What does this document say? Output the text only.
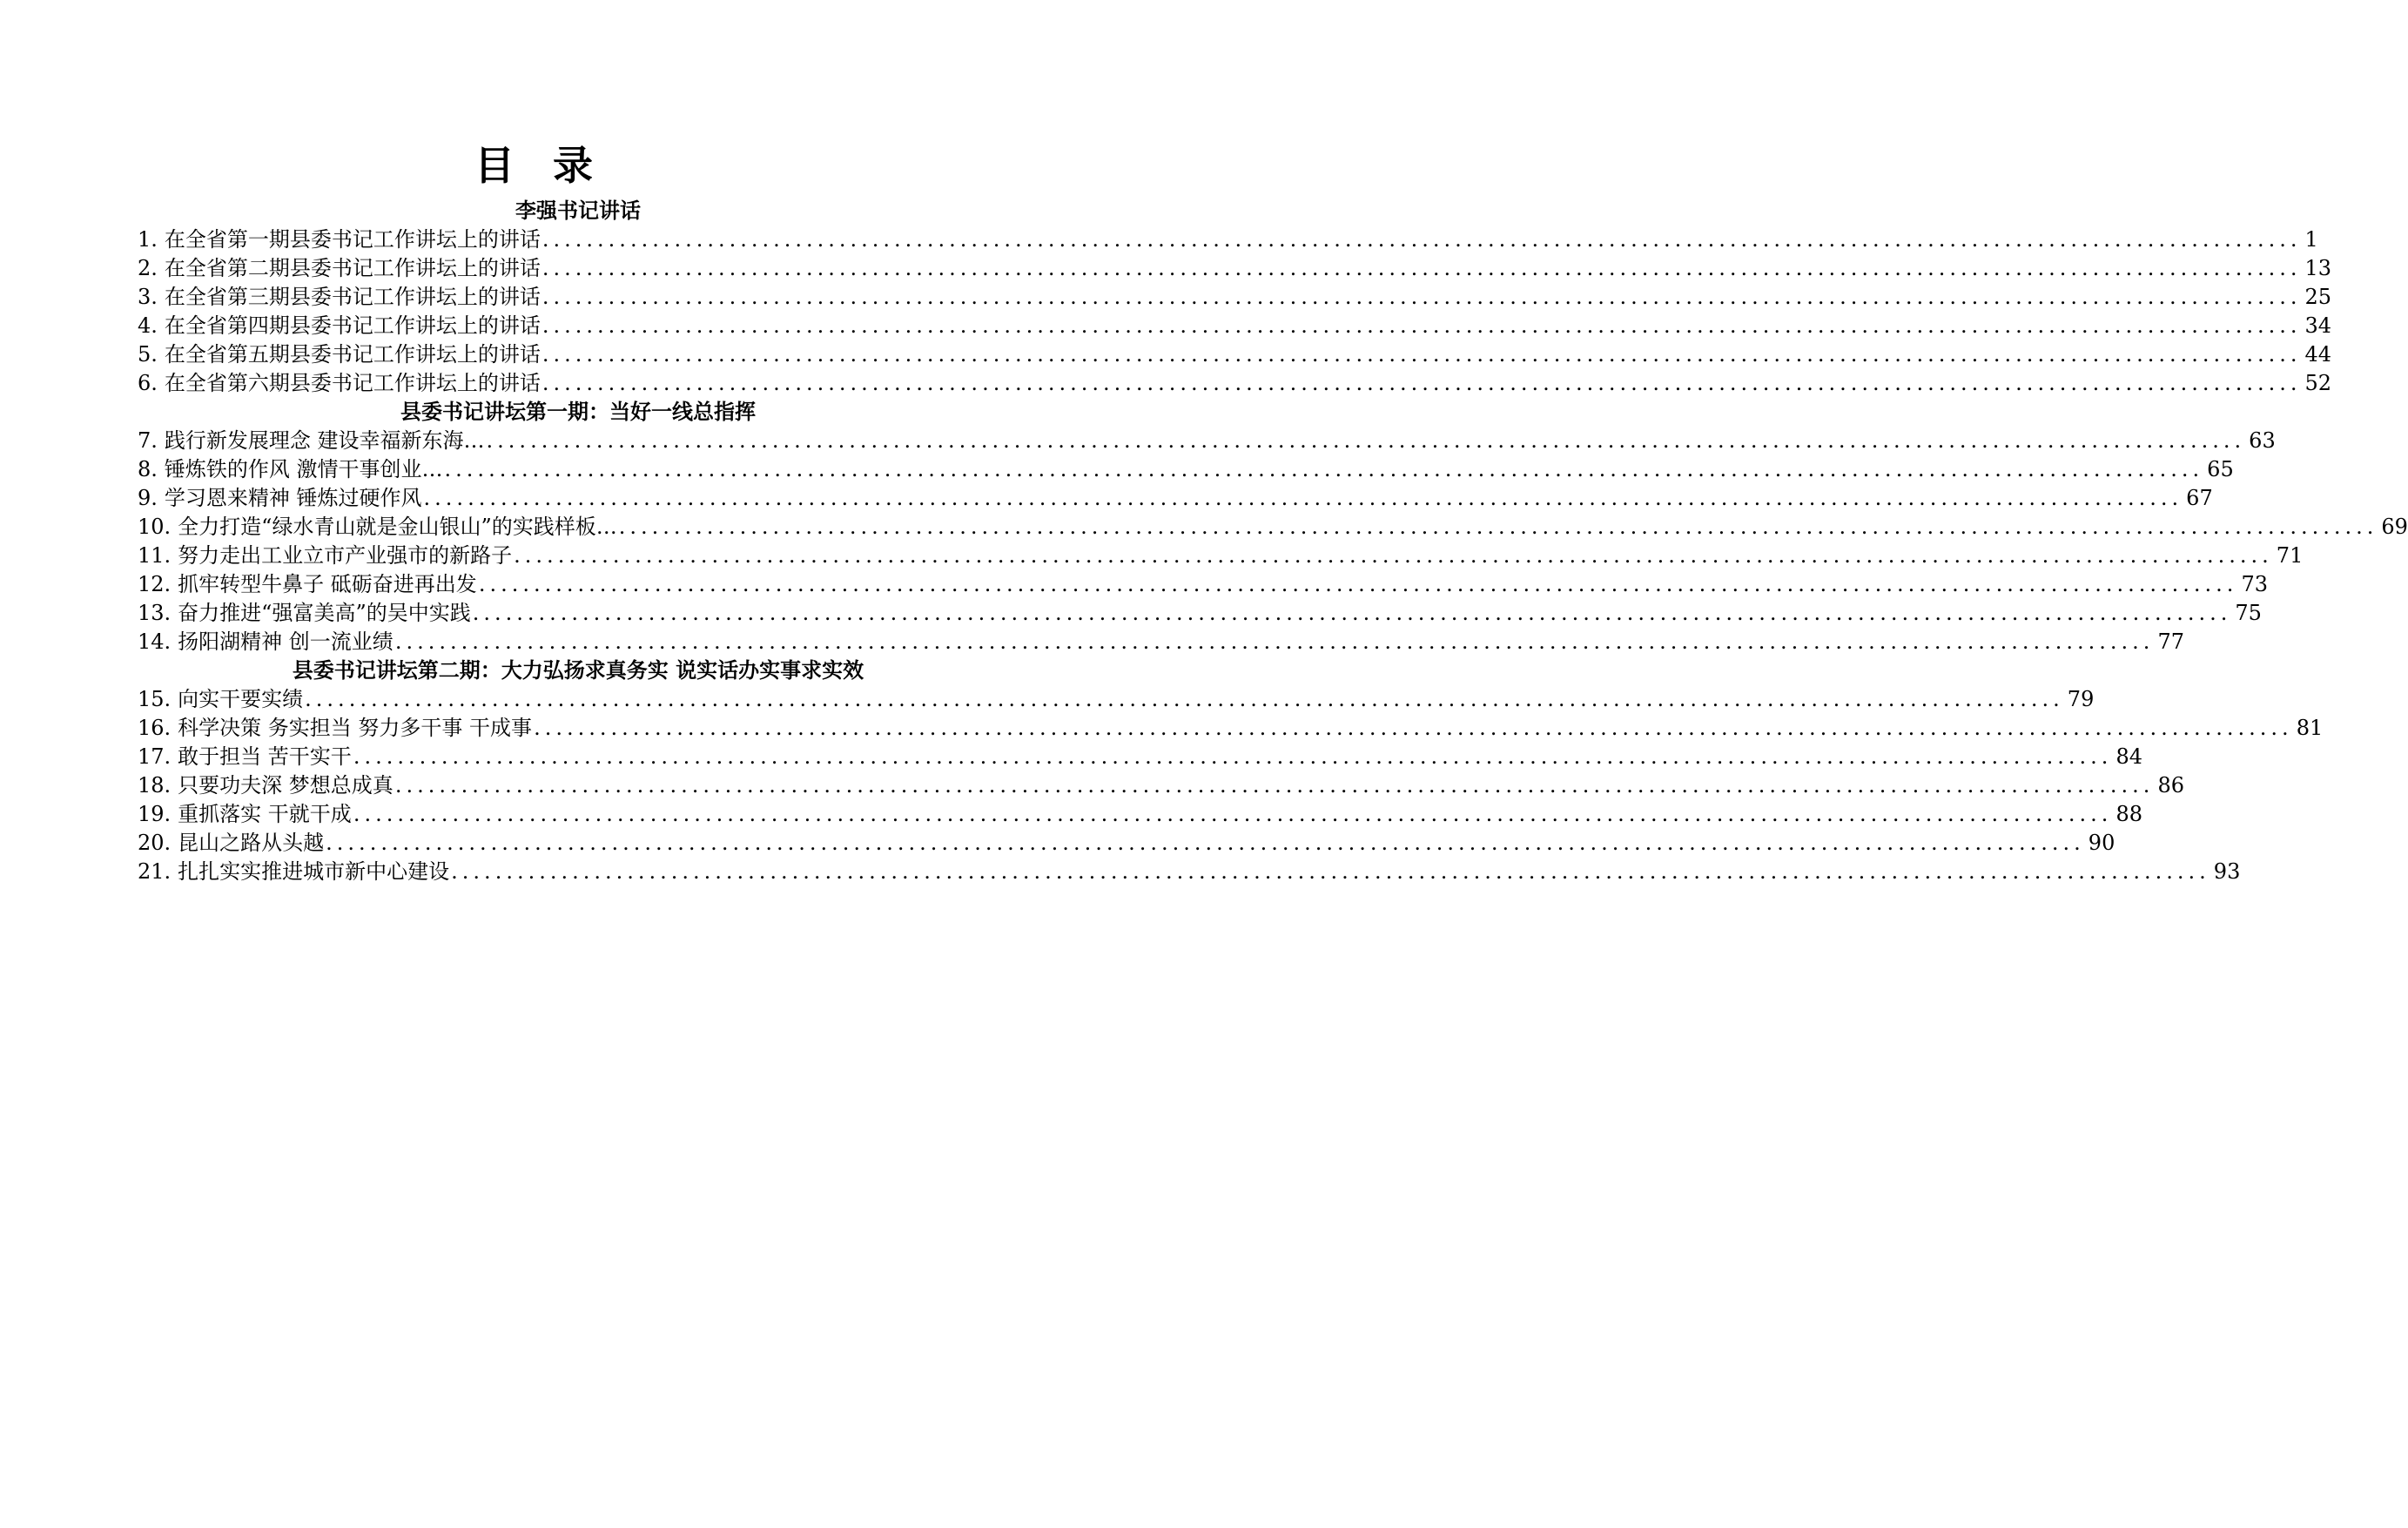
目 录
李强书记讲话
1. 在全省第一期县委书记工作讲坛上的讲话 ................................................................................................................................................................ 1
2. 在全省第二期县委书记工作讲坛上的讲话 ................................................................................................................................................................ 13
3. 在全省第三期县委书记工作讲坛上的讲话 ................................................................................................................................................................ 25
4. 在全省第四期县委书记工作讲坛上的讲话 ................................................................................................................................................................ 34
5. 在全省第五期县委书记工作讲坛上的讲话 ................................................................................................................................................................ 44
6. 在全省第六期县委书记工作讲坛上的讲话 ................................................................................................................................................................ 52
县委书记讲坛第一期：当好一线总指挥
7. 践行新发展理念 建设幸福新东海… ................................................................................................................................................................ 63
8. 锤炼铁的作风 激情干事创业… ................................................................................................................................................................ 65
9. 学习恩来精神 锤炼过硬作风 ................................................................................................................................................................ 67
10. 全力打造“绿水青山就是金山银山”的实践样板… ................................................................................................................................................................ 69
11. 努力走出工业立市产业强市的新路子 ................................................................................................................................................................ 71
12. 抓牢转型牛鼻子 砥砺奋进再出发 ................................................................................................................................................................ 73
13. 奋力推进“强富美高”的吴中实践 ................................................................................................................................................................ 75
14. 扬阳湖精神 创一流业绩 ................................................................................................................................................................ 77
县委书记讲坛第二期：大力弘扬求真务实 说实话办实事求实效
15. 向实干要实绩 ................................................................................................................................................................ 79
16. 科学决策 务实担当 努力多干事 干成事 ................................................................................................................................................................ 81
17. 敢于担当 苦干实干 ................................................................................................................................................................ 84
18. 只要功夫深 梦想总成真 ................................................................................................................................................................ 86
19. 重抓落实 干就干成 ................................................................................................................................................................ 88
20. 昆山之路从头越 ................................................................................................................................................................ 90
21. 扎扎实实推进城市新中心建设 ................................................................................................................................................................ 93
